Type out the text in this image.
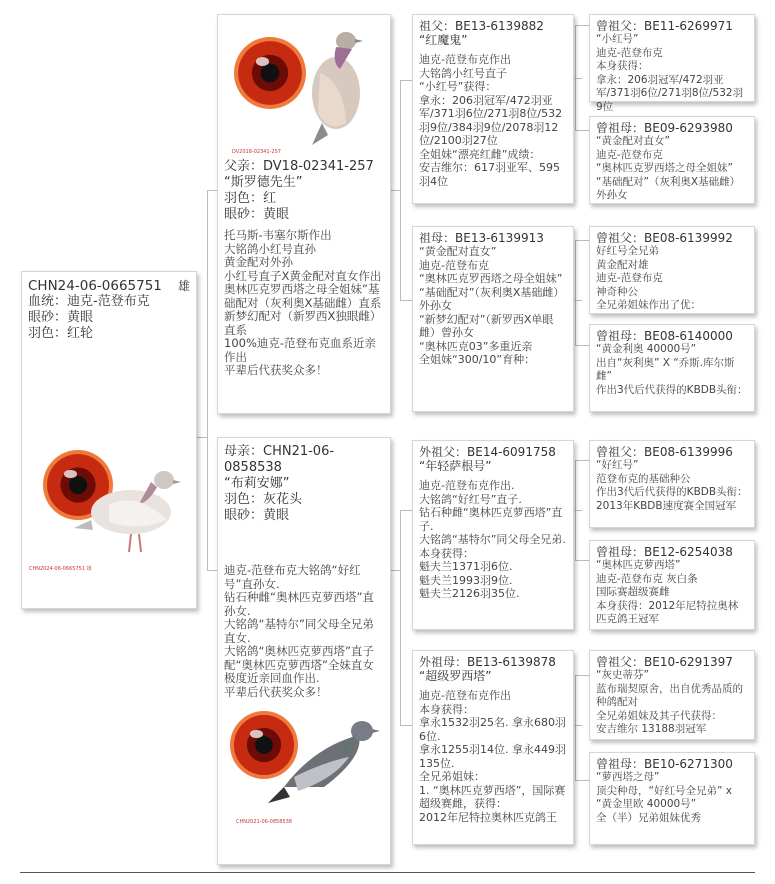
CHN24-06-0665751 雄
血统：迪克-范登布克
眼砂：黄眼
羽色：红轮
CHN2024-06-0665751 雄
DV2018-02341-257
父亲：DV18-02341-257
“斯罗德先生”
羽色：红
眼砂：黄眼
托马斯-韦塞尔斯作出
大铭鸽小红号直孙
黄金配对外孙
小红号直子X黄金配对直女作出
奥林匹克罗西塔之母全姐妹”基础配对（灰利奥X基础雌）直系
新梦幻配对（新罗西X独眼雌）直系
100%迪克-范登布克血系近亲作出
平辈后代获奖众多！
母亲：CHN21-06-0858538
“布莉安娜”
羽色：灰花头
眼砂：黄眼
迪克-范登布克大铭鸽“好红号”直孙女.
钻石种雌“奥林匹克萝西塔”直孙女.
大铭鸽“基特尔”同父母全兄弟直女.
大铭鸽“奥林匹克萝西塔”直子配“奥林匹克萝西塔”全妹直女极度近亲回血作出.
平辈后代获奖众多！
CHN2021-06-0858538
祖父：BE13-6139882
“红魔鬼”
迪克-范登布克作出
大铭鸽小红号直子
“小红号”获得：
拿永：206羽冠军/472羽亚军/371羽6位/271羽8位/532羽9位/384羽9位/2078羽12位/2100羽27位
全姐妹“漂亮红雌”成绩：
安吉维尔：617羽亚军、595羽4位
祖母：BE13-6139913
“黄金配对直女”
迪克-范登布克
“奥林匹克罗西塔之母全姐妹”
“基础配对”（灰利奥X基础雌）外孙女
“新梦幻配对”（新罗西X单眼雌）曾孙女
“奥林匹克03”多重近亲
全姐妹“300/10”育种：
外祖父：BE14-6091758
“年轻萨根号”
迪克-范登布克作出.
大铭鸽“好红号”直子.
钻石种雌“奥林匹克萝西塔”直子.
大铭鸽“基特尔”同父母全兄弟.
本身获得：
魁夫兰1371羽6位.
魁夫兰1993羽9位.
魁夫兰2126羽35位.
外祖母：BE13-6139878
“超级罗西塔”
迪克-范登布克作出
本身获得：
拿永1532羽25名. 拿永680羽6位.
拿永1255羽14位. 拿永449羽135位.
全兄弟姐妹：
1. “奥林匹克萝西塔”，国际赛超级赛雌，获得：
2012年尼特拉奥林匹克鸽王
曾祖父：BE11-6269971
“小红号”
迪克-范登布克
本身获得：
拿永：206羽冠军/472羽亚军/371羽6位/271羽8位/532羽9位
曾祖母：BE09-6293980
“黄金配对直女”
迪克-范登布克
“奥林匹克罗西塔之母全姐妹”
“基础配对”（灰利奥X基础雌）外孙女
曾祖父：BE08-6139992
好红号全兄弟
黄金配对雄
迪克-范登布克
神奇种公
全兄弟姐妹作出了优：
曾祖母：BE08-6140000
“黄金利奥 40000号”
出自“灰利奥” X “乔斯.库尔斯雌”
作出3代后代获得的KBDB头衔：
曾祖父：BE08-6139996
“好红号”
范登布克的基础种公
作出3代后代获得的KBDB头衔：
2013年KBDB速度赛全国冠军
曾祖母：BE12-6254038
“奥林匹克萝西塔”
迪克-范登布克 灰白条
国际赛超级赛雌
本身获得：2012年尼特拉奥林匹克鸽王冠军
曾祖父：BE10-6291397
“灰史蒂芬”
蓝布瑞契原舍，出自优秀品质的种鸽配对
全兄弟姐妹及其子代获得：
安吉维尔 13188羽冠军
曾祖母：BE10-6271300
“萝西塔之母”
顶尖种母，“好红号全兄弟” x “黄金里欧 40000号”
全（半）兄弟姐妹优秀
